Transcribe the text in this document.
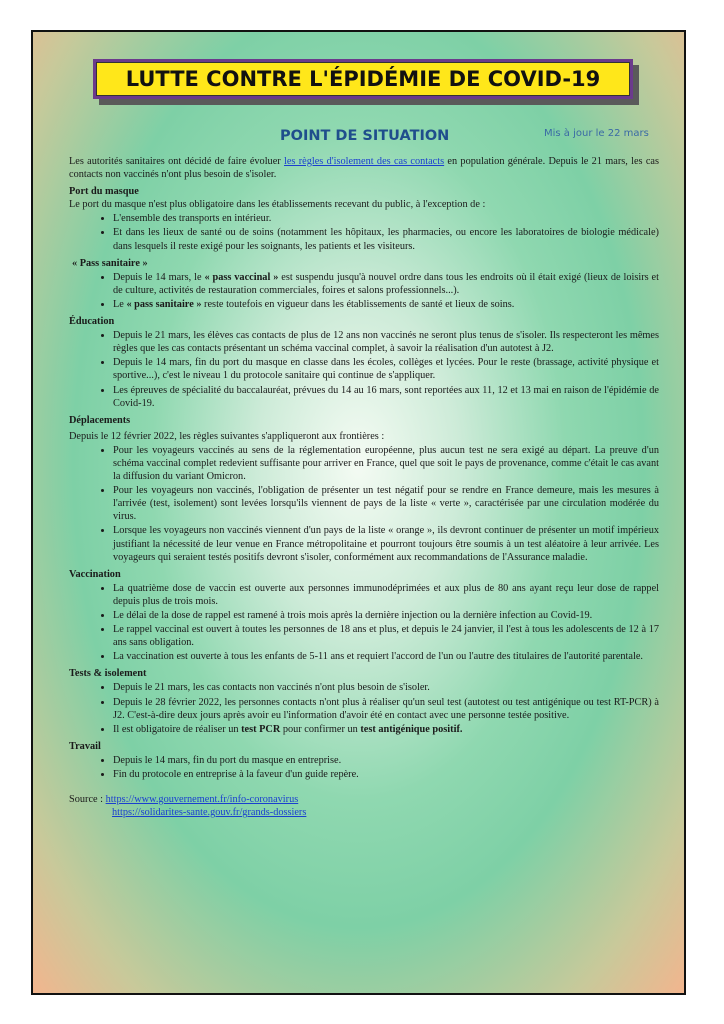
LUTTE CONTRE L'ÉPIDÉMIE DE COVID-19
POINT DE SITUATION	Mis à jour le 22 mars

Les autorités sanitaires ont décidé de faire évoluer les règles d'isolement des cas contacts en population générale. Depuis le 21 mars, les cas contacts non vaccinés n'ont plus besoin de s'isoler.

Port du masque

Le port du masque n'est plus obligatoire dans les établissements recevant du public, à l'exception de :

• L'ensemble des transports en intérieur.
• Et dans les lieux de santé ou de soins (notamment les hôpitaux, les pharmacies, ou encore les laboratoires de biologie médicale) dans lesquels il reste exigé pour les soignants, les patients et les visiteurs.

« Pass sanitaire »

• Depuis le 14 mars, le « pass vaccinal » est suspendu jusqu'à nouvel ordre dans tous les endroits où il était exigé (lieux de loisirs et de culture, activités de restauration commerciales, foires et salons professionnels...).
• Le « pass sanitaire » reste toutefois en vigueur dans les établissements de santé et lieux de soins.

Éducation

• Depuis le 21 mars, les élèves cas contacts de plus de 12 ans non vaccinés ne seront plus tenus de s'isoler. Ils respecteront les mêmes règles que les cas contacts présentant un schéma vaccinal complet, à savoir la réalisation d'un autotest à J2.
• Depuis le 14 mars, fin du port du masque en classe dans les écoles, collèges et lycées. Pour le reste (brassage, activité physique et sportive...), c'est le niveau 1 du protocole sanitaire qui continue de s'appliquer.
• Les épreuves de spécialité du baccalauréat, prévues du 14 au 16 mars, sont reportées aux 11, 12 et 13 mai en raison de l'épidémie de Covid-19.

Déplacements

Depuis le 12 février 2022, les règles suivantes s'appliqueront aux frontières :

• Pour les voyageurs vaccinés au sens de la réglementation européenne, plus aucun test ne sera exigé au départ. La preuve d'un schéma vaccinal complet redevient suffisante pour arriver en France, quel que soit le pays de provenance, comme c'était le cas avant la diffusion du variant Omicron.
• Pour les voyageurs non vaccinés, l'obligation de présenter un test négatif pour se rendre en France demeure, mais les mesures à l'arrivée (test, isolement) sont levées lorsqu'ils viennent de pays de la liste « verte », caractérisée par une circulation modérée du virus.
• Lorsque les voyageurs non vaccinés viennent d'un pays de la liste « orange », ils devront continuer de présenter un motif impérieux justifiant la nécessité de leur venue en France métropolitaine et pourront toujours être soumis à un test aléatoire à leur arrivée. Les voyageurs qui seraient testés positifs devront s'isoler, conformément aux recommandations de l'Assurance maladie.

Vaccination

• La quatrième dose de vaccin est ouverte aux personnes immunodéprimées et aux plus de 80 ans ayant reçu leur dose de rappel depuis plus de trois mois.
• Le délai de la dose de rappel est ramené à trois mois après la dernière injection ou la dernière infection au Covid-19.
• Le rappel vaccinal est ouvert à toutes les personnes de 18 ans et plus, et depuis le 24 janvier, il l'est à tous les adolescents de 12 à 17 ans sans obligation.
• La vaccination est ouverte à tous les enfants de 5-11 ans et requiert l'accord de l'un ou l'autre des titulaires de l'autorité parentale.

Tests & isolement

• Depuis le 21 mars, les cas contacts non vaccinés n'ont plus besoin de s'isoler.
• Depuis le 28 février 2022, les personnes contacts n'ont plus à réaliser qu'un seul test (autotest ou test antigénique ou test RT-PCR) à J2. C'est-à-dire deux jours après avoir eu l'information d'avoir été en contact avec une personne testée positive.
• Il est obligatoire de réaliser un test PCR pour confirmer un test antigénique positif.

Travail

• Depuis le 14 mars, fin du port du masque en entreprise.
• Fin du protocole en entreprise à la faveur d'un guide repère.

Source : https://www.gouvernement.fr/info-coronavirus

https://solidarites-sante.gouv.fr/grands-dossiers
